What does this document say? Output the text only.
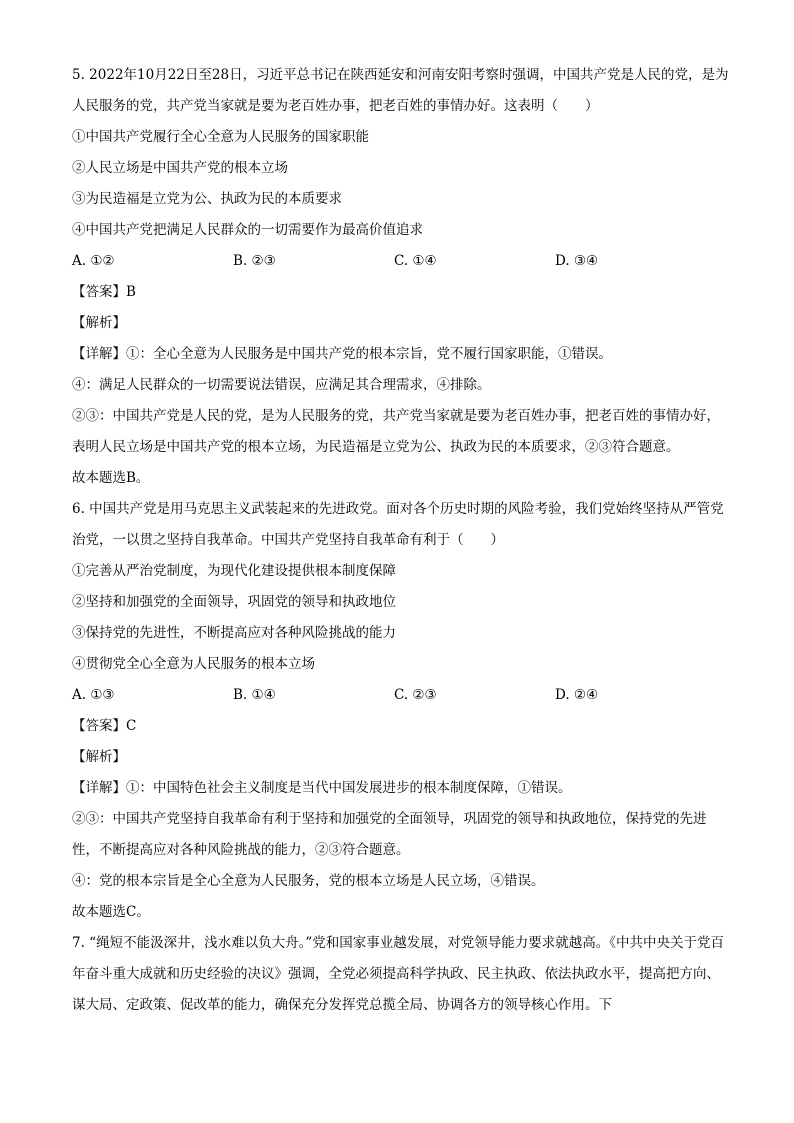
5. 2022年10月22日至28日，习近平总书记在陕西延安和河南安阳考察时强调，中国共产党是人民的党，是为人民服务的党，共产党当家就是要为老百姓办事，把老百姓的事情办好。这表明（　　）
①中国共产党履行全心全意为人民服务的国家职能
②人民立场是中国共产党的根本立场
③为民造福是立党为公、执政为民的本质要求
④中国共产党把满足人民群众的一切需要作为最高价值追求
A. ①②	B. ②③	C. ①④	D. ③④
【答案】B
【解析】
【详解】①：全心全意为人民服务是中国共产党的根本宗旨，党不履行国家职能，①错误。
④：满足人民群众的一切需要说法错误，应满足其合理需求，④排除。
②③：中国共产党是人民的党，是为人民服务的党，共产党当家就是要为老百姓办事，把老百姓的事情办好，表明人民立场是中国共产党的根本立场，为民造福是立党为公、执政为民的本质要求，②③符合题意。
故本题选B。
6. 中国共产党是用马克思主义武装起来的先进政党。面对各个历史时期的风险考验，我们党始终坚持从严管党治党，一以贯之坚持自我革命。中国共产党坚持自我革命有利于（　　）
①完善从严治党制度，为现代化建设提供根本制度保障
②坚持和加强党的全面领导，巩固党的领导和执政地位
③保持党的先进性，不断提高应对各种风险挑战的能力
④贯彻党全心全意为人民服务的根本立场
A. ①③	B. ①④	C. ②③	D. ②④
【答案】C
【解析】
【详解】①：中国特色社会主义制度是当代中国发展进步的根本制度保障，①错误。
②③：中国共产党坚持自我革命有利于坚持和加强党的全面领导，巩固党的领导和执政地位，保持党的先进性，不断提高应对各种风险挑战的能力，②③符合题意。
④：党的根本宗旨是全心全意为人民服务，党的根本立场是人民立场，④错误。
故本题选C。
7. “绳短不能汲深井，浅水难以负大舟。”党和国家事业越发展，对党领导能力要求就越高。《中共中央关于党百年奋斗重大成就和历史经验的决议》强调，全党必须提高科学执政、民主执政、依法执政水平，提高把方向、谋大局、定政策、促改革的能力，确保充分发挥党总揽全局、协调各方的领导核心作用。下
